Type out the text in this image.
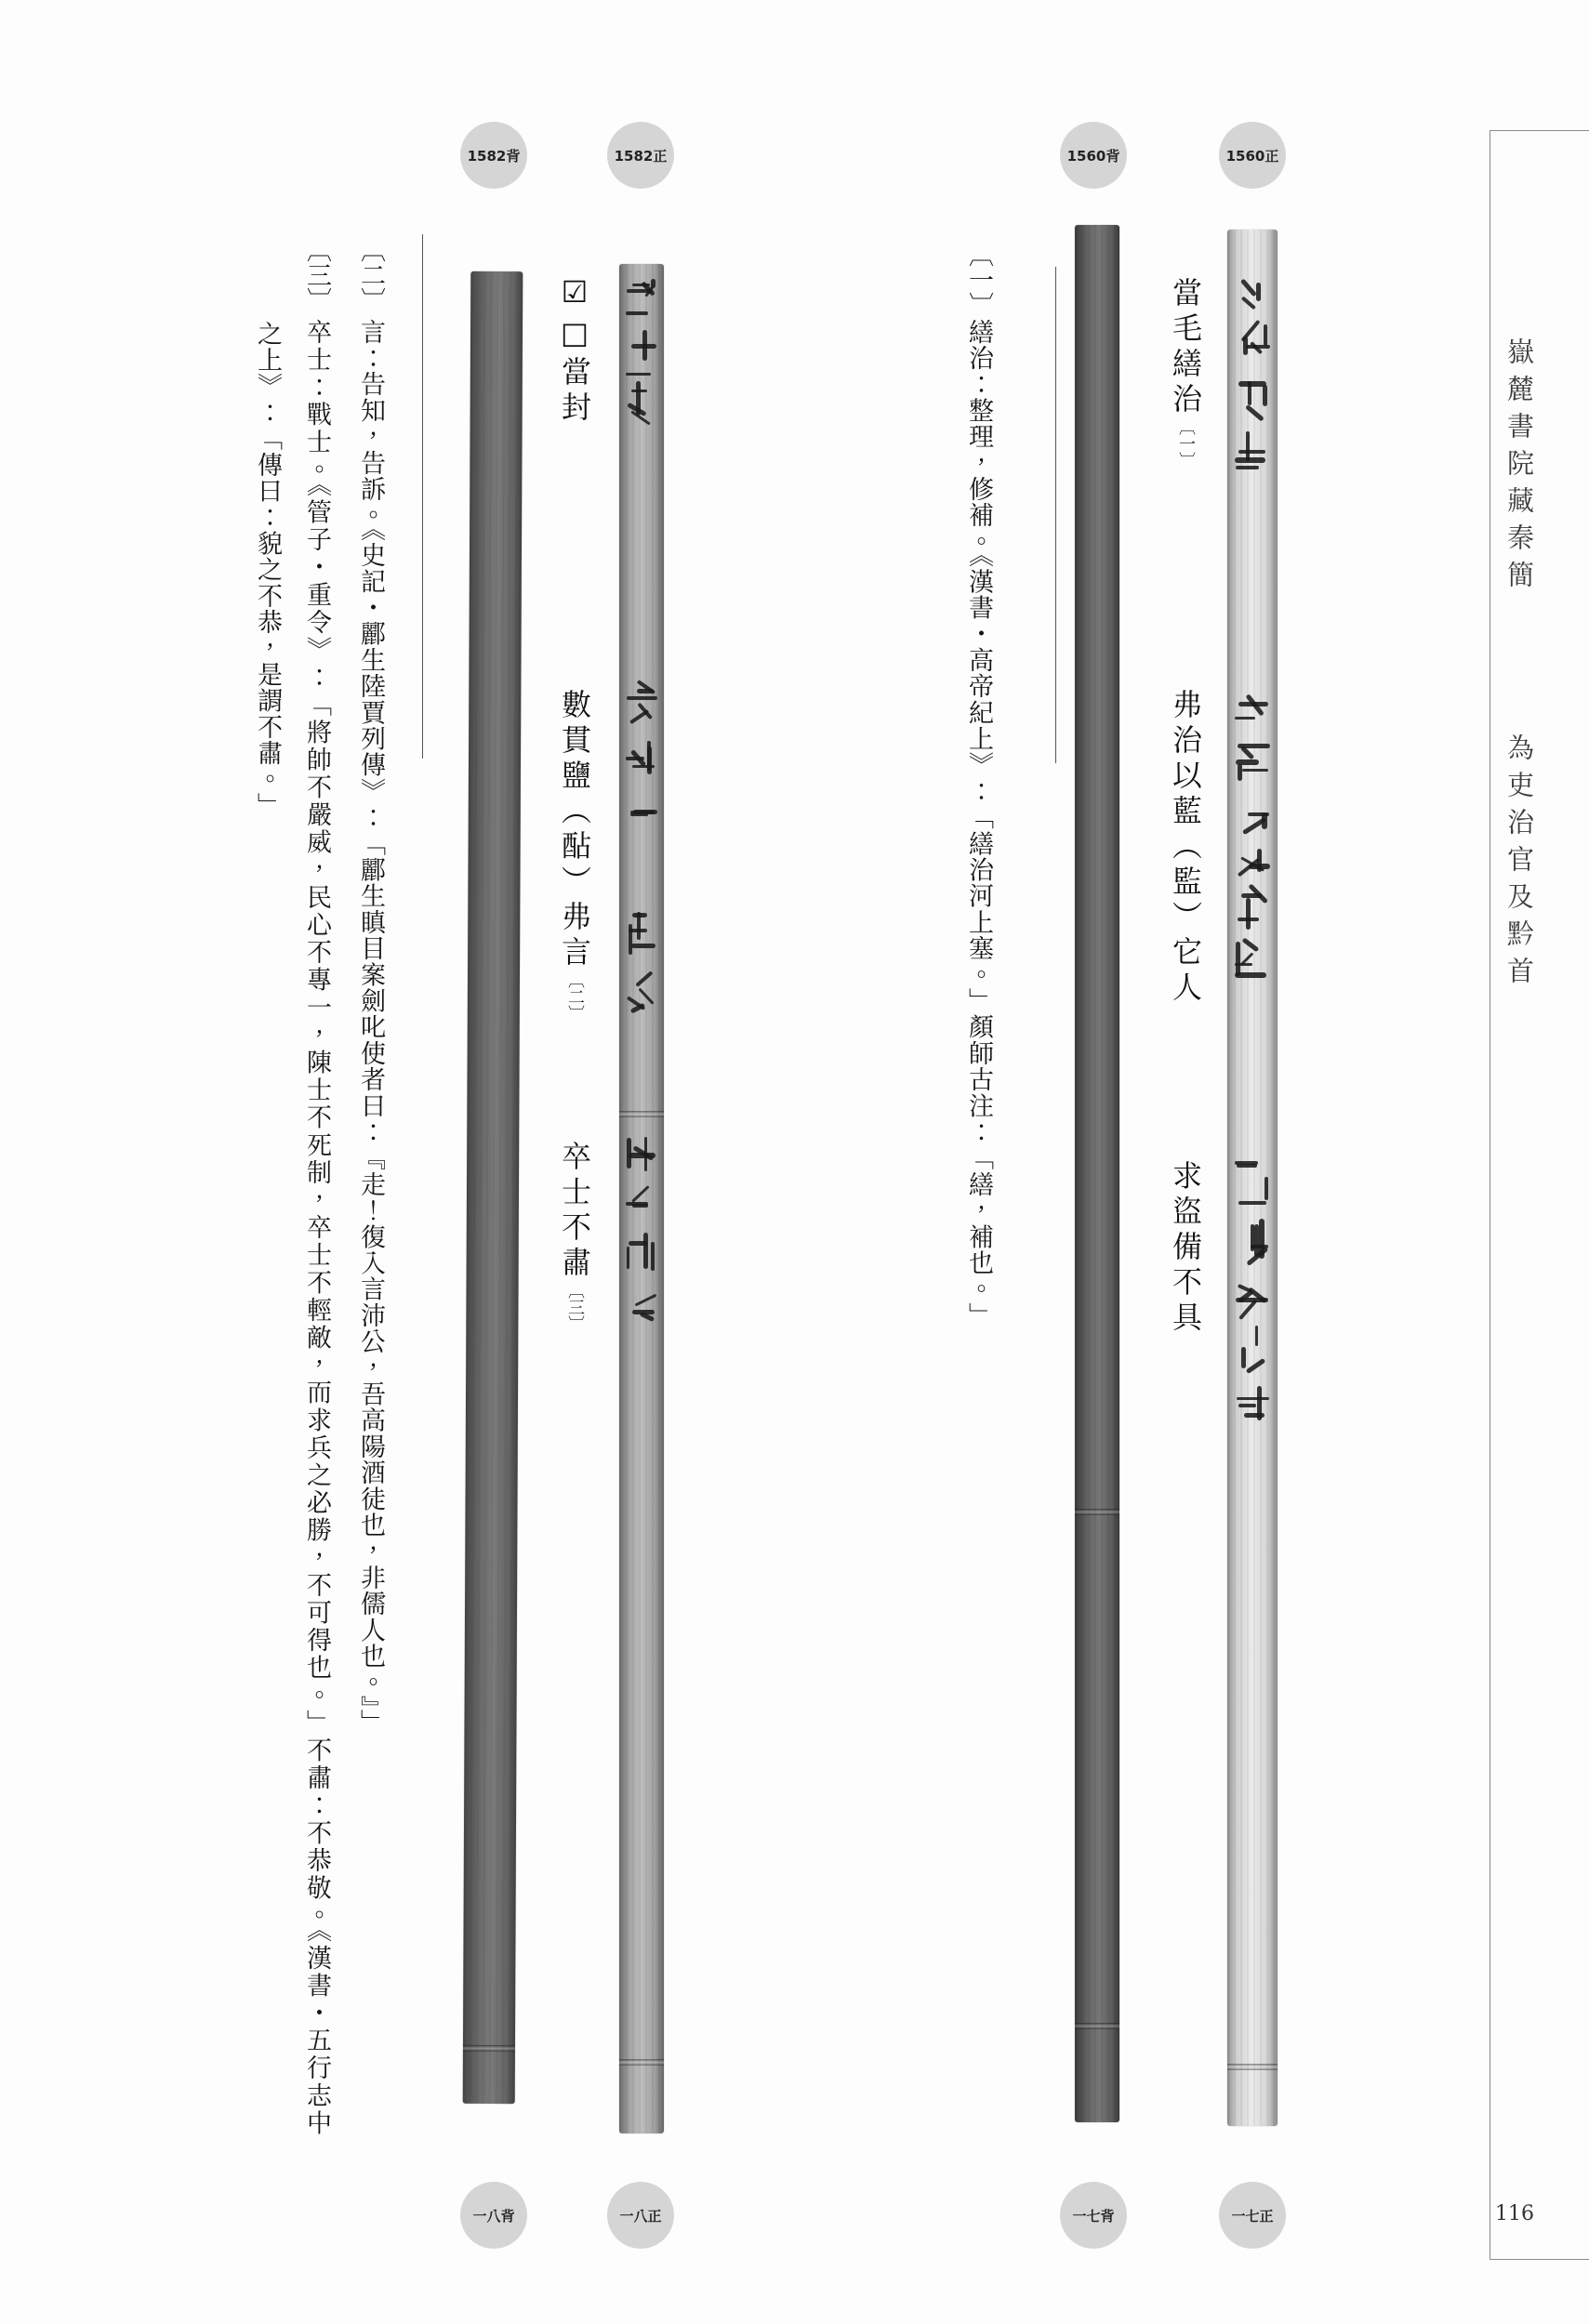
嶽麓書院藏秦簡
為吏治官及黔首
116
1582背	1582正	1560背	1560正
一八背	一八正	一七背	一七正
當毛繕治〔一〕
弗治以藍（監）它人
求盜備不具
☑□當封
數貫鹽（酟）弗言〔二〕
卒士不肅〔三〕
〔一〕
繕治：整理，修補。《漢書・高帝紀上》：「繕治河上塞。」顏師古注：「繕，補也。」
〔二〕
言：告知，告訴。《史記・酈生陸賈列傳》：「酈生瞋目案劍叱使者曰：『走！復入言沛公，吾高陽酒徒也，非儒人也。』」
〔三〕
卒士：戰士。《管子・重令》：「將帥不嚴威，民心不專一，陳士不死制，卒士不輕敵，而求兵之必勝，不可得也。」不肅：不恭敬。《漢書・五行志中
之上》：「傳曰：貌之不恭，是謂不肅。」
